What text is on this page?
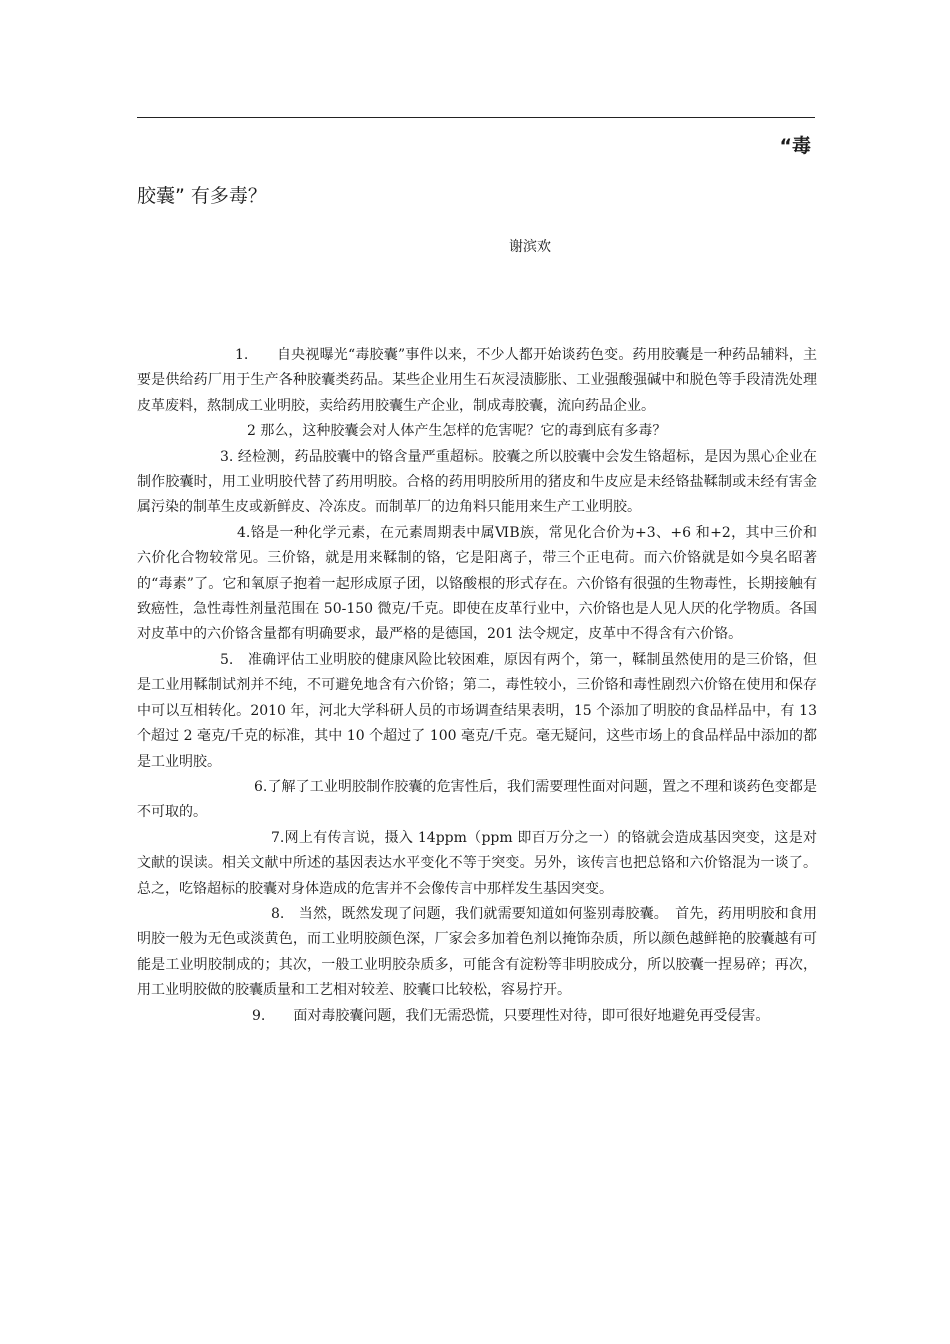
“毒
胶囊” 有多毒？
谢滨欢

1.　　自央视曝光“毒胶囊”事件以来，不少人都开始谈药色变。药用胶囊是一种药品辅料，主要是供给药厂用于生产各种胶囊类药品。某些企业用生石灰浸渍膨胀、工业强酸强碱中和脱色等手段清洗处理皮革废料，熬制成工业明胶，卖给药用胶囊生产企业，制成毒胶囊，流向药品企业。

2 那么，这种胶囊会对人体产生怎样的危害呢？它的毒到底有多毒？

3. 经检测，药品胶囊中的铬含量严重超标。胶囊之所以胶囊中会发生铬超标，是因为黑心企业在制作胶囊时，用工业明胶代替了药用明胶。合格的药用明胶所用的猪皮和牛皮应是未经铬盐鞣制或未经有害金属污染的制革生皮或新鲜皮、冷冻皮。而制革厂的边角料只能用来生产工业明胶。

4.铬是一种化学元素，在元素周期表中属ⅥB族，常见化合价为+3、+6 和+2，其中三价和六价化合物较常见。三价铬，就是用来鞣制的铬，它是阳离子，带三个正电荷。而六价铬就是如今臭名昭著的“毒素”了。它和氧原子抱着一起形成原子团，以铬酸根的形式存在。六价铬有很强的生物毒性，长期接触有致癌性，急性毒性剂量范围在 50-150 微克/千克。即使在皮革行业中，六价铬也是人见人厌的化学物质。各国对皮革中的六价铬含量都有明确要求，最严格的是德国，201 法令规定，皮革中不得含有六价铬。

5.　准确评估工业明胶的健康风险比较困难，原因有两个，第一，鞣制虽然使用的是三价铬，但是工业用鞣制试剂并不纯，不可避免地含有六价铬；第二，毒性较小，三价铬和毒性剧烈六价铬在使用和保存中可以互相转化。2010 年，河北大学科研人员的市场调查结果表明，15 个添加了明胶的食品样品中，有 13 个超过 2 毫克/千克的标准，其中 10 个超过了 100 毫克/千克。毫无疑问，这些市场上的食品样品中添加的都是工业明胶。

6.了解了工业明胶制作胶囊的危害性后，我们需要理性面对问题，置之不理和谈药色变都是不可取的。

7.网上有传言说，摄入 14ppm（ppm 即百万分之一）的铬就会造成基因突变，这是对文献的误读。相关文献中所述的基因表达水平变化不等于突变。另外，该传言也把总铬和六价铬混为一谈了。总之，吃铬超标的胶囊对身体造成的危害并不会像传言中那样发生基因突变。

8.　当然，既然发现了问题，我们就需要知道如何鉴别毒胶囊。　首先，药用明胶和食用明胶一般为无色或淡黄色，而工业明胶颜色深，厂家会多加着色剂以掩饰杂质，所以颜色越鲜艳的胶囊越有可能是工业明胶制成的；其次，一般工业明胶杂质多，可能含有淀粉等非明胶成分，所以胶囊一捏易碎；再次，用工业明胶做的胶囊质量和工艺相对较差、胶囊口比较松，容易拧开。

9.　　面对毒胶囊问题，我们无需恐慌，只要理性对待，即可很好地避免再受侵害。
